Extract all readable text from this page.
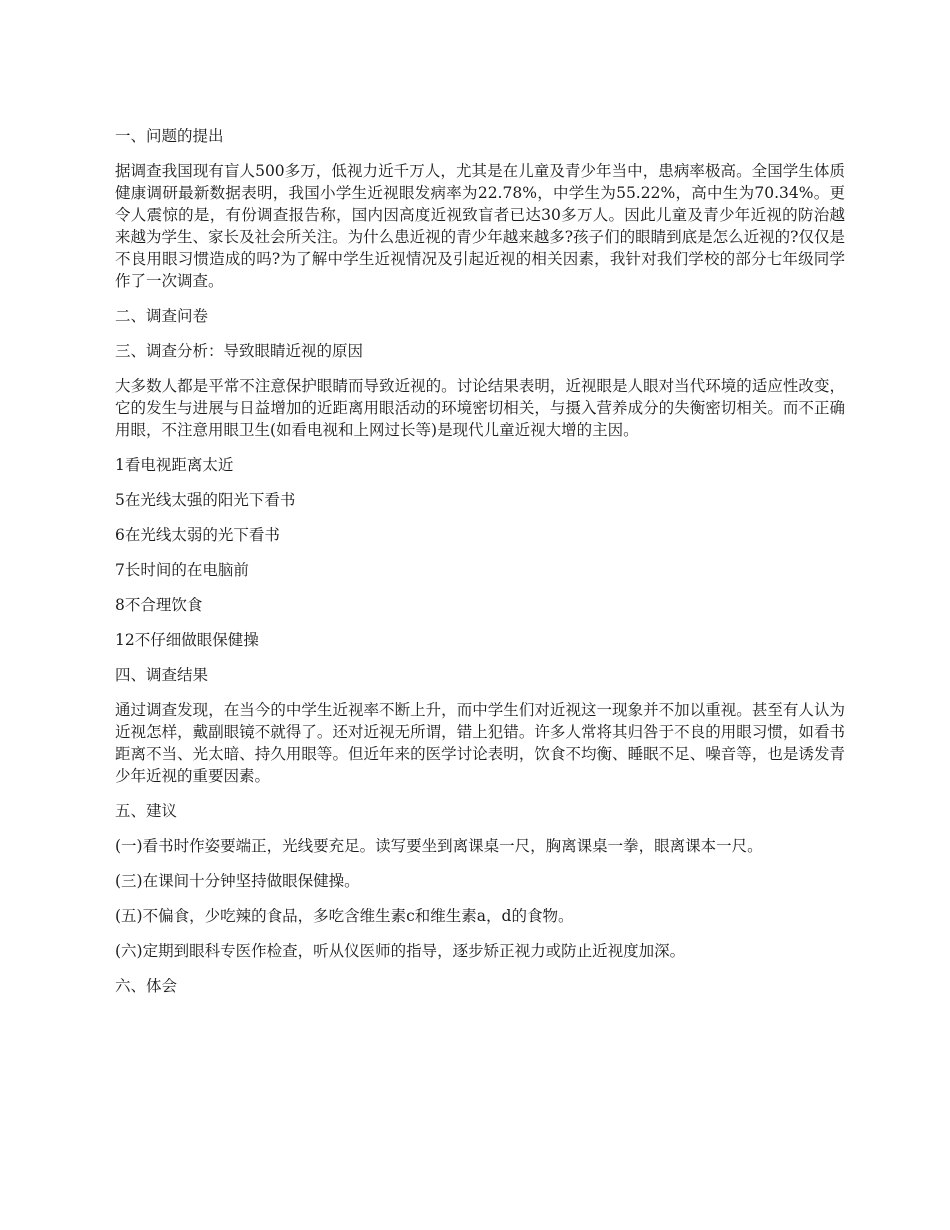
一、问题的提出

据调查我国现有盲人500多万，低视力近千万人，尤其是在儿童及青少年当中，患病率极高。全国学生体质健康调研最新数据表明，我国小学生近视眼发病率为22.78%，中学生为55.22%，高中生为70.34%。更令人震惊的是，有份调查报告称，国内因高度近视致盲者已达30多万人。因此儿童及青少年近视的防治越来越为学生、家长及社会所关注。为什么患近视的青少年越来越多?孩子们的眼睛到底是怎么近视的?仅仅是不良用眼习惯造成的吗?为了解中学生近视情况及引起近视的相关因素，我针对我们学校的部分七年级同学作了一次调查。

二、调查问卷

三、调查分析：导致眼睛近视的原因

大多数人都是平常不注意保护眼睛而导致近视的。讨论结果表明，近视眼是人眼对当代环境的适应性改变，它的发生与进展与日益增加的近距离用眼活动的环境密切相关，与摄入营养成分的失衡密切相关。而不正确用眼，不注意用眼卫生(如看电视和上网过长等)是现代儿童近视大增的主因。

1看电视距离太近

5在光线太强的阳光下看书

6在光线太弱的光下看书

7长时间的在电脑前

8不合理饮食

12不仔细做眼保健操

四、调查结果

通过调查发现，在当今的中学生近视率不断上升，而中学生们对近视这一现象并不加以重视。甚至有人认为近视怎样，戴副眼镜不就得了。还对近视无所谓，错上犯错。许多人常将其归咎于不良的用眼习惯，如看书距离不当、光太暗、持久用眼等。但近年来的医学讨论表明，饮食不均衡、睡眠不足、噪音等，也是诱发青少年近视的重要因素。

五、建议

(一)看书时作姿要端正，光线要充足。读写要坐到离课桌一尺，胸离课桌一拳，眼离课本一尺。

(三)在课间十分钟坚持做眼保健操。

(五)不偏食，少吃辣的食品，多吃含维生素c和维生素a，d的食物。

(六)定期到眼科专医作检查，听从仪医师的指导，逐步矫正视力或防止近视度加深。

六、体会
